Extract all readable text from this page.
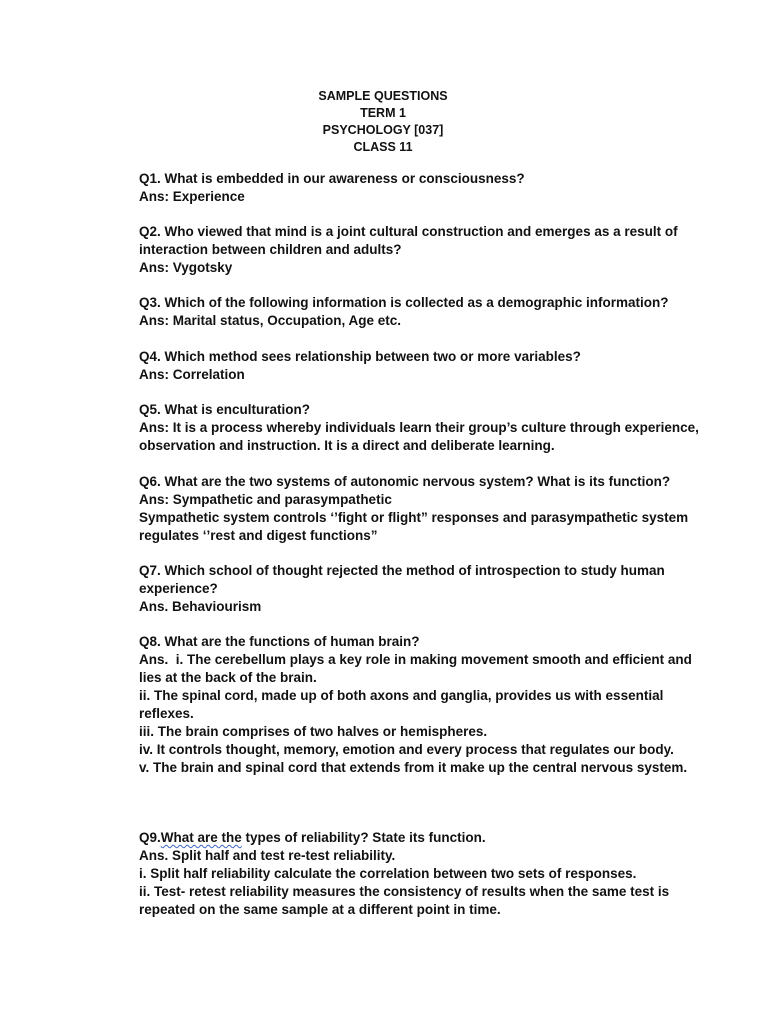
SAMPLE QUESTIONS
TERM 1
PSYCHOLOGY [037]
CLASS 11
Q1. What is embedded in our awareness or consciousness?
Ans: Experience
Q2. Who viewed that mind is a joint cultural construction and emerges as a result of interaction between children and adults?
Ans: Vygotsky
Q3. Which of the following information is collected as a demographic information?
Ans: Marital status, Occupation, Age etc.
Q4. Which method sees relationship between two or more variables?
Ans: Correlation
Q5. What is enculturation?
Ans: It is a process whereby individuals learn their group’s culture through experience, observation and instruction. It is a direct and deliberate learning.
Q6. What are the two systems of autonomic nervous system? What is its function?
Ans: Sympathetic and parasympathetic
Sympathetic system controls ‘’fight or flight” responses and parasympathetic system regulates ‘’rest and digest functions”
Q7. Which school of thought rejected the method of introspection to study human experience?
Ans. Behaviourism
Q8. What are the functions of human brain?
Ans.  i. The cerebellum plays a key role in making movement smooth and efficient and lies at the back of the brain.
ii. The spinal cord, made up of both axons and ganglia, provides us with essential reflexes.
iii. The brain comprises of two halves or hemispheres.
iv. It controls thought, memory, emotion and every process that regulates our body.
v. The brain and spinal cord that extends from it make up the central nervous system.
Q9.What are the types of reliability? State its function.
Ans. Split half and test re-test reliability.
i. Split half reliability calculate the correlation between two sets of responses.
ii. Test- retest reliability measures the consistency of results when the same test is repeated on the same sample at a different point in time.
